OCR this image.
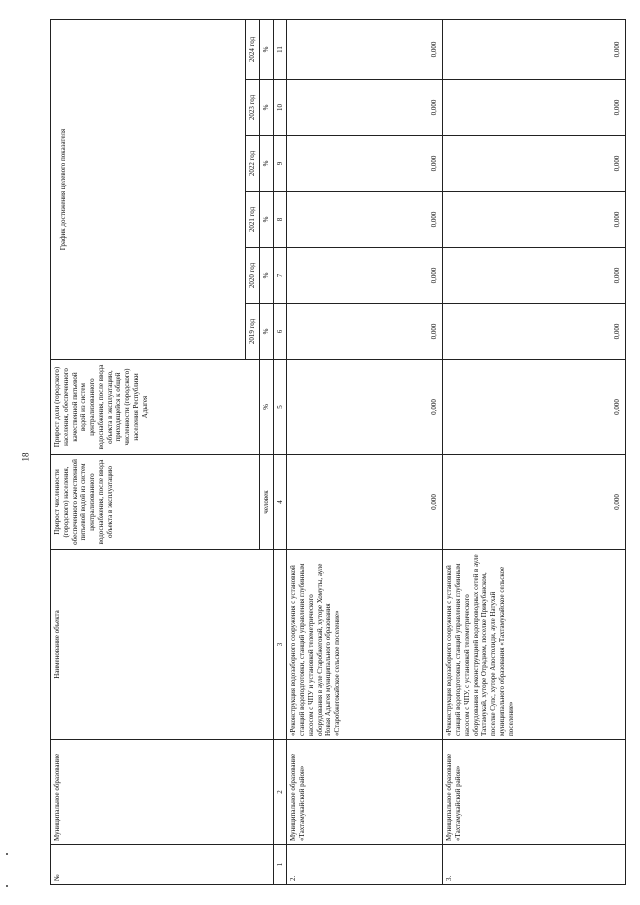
18
№	Муниципальное образование	Наименование объекта	Прирост численности (городского) населения, обеспеченного качественной питьевой водой из систем централизованного водоснабжения, после ввода объекта в эксплуатацию	Прирост доли (городского) населения, обеспеченного качественной питьевой водой из систем централизованного водоснабжения, после ввода объекта в эксплуатацию, приходящейся к общей численности (городского) населения Республики Адыгея	График достижения целевого показателя					
					2019 год	2020 год	2021 год	2022 год	2023 год	2024 год
			человек	%	%	%	%	%	%	%
1	2	3	4	5	6	7	8	9	10	11
2.	Муниципальное образование «Тахтамукайский район»	«Реконструкция водозаборного сооружения с установкой станций водоподготовки, станций управления глубинным насосом с ЧПУ и установкой телеметрического оборудования в ауле Старобжегокай, хуторе Хомуты, ауле Новая Адыгея муниципального образования «Старобжегокайское сельское поселение»	0,000	0,000	0,000	0,000	0,000	0,000	0,000	0,000
3.	Муниципальное образование «Тахтамукайский район»	«Реконструкция водозаборного сооружения с установкой станций водоподготовки, станций управления глубинным насосом с ЧПУ, с установкой телеметрического оборудования и реконструкцией водопроводных сетей в ауле Тахтамукай, хуторе Отрадном, поселке Прикубанском, поселке Супс, хуторе Апостолиди, ауле Натухай муниципального образования «Тахтамукайское сельское поселение»	0,000	0,000	0,000	0,000	0,000	0,000	0,000	0,000
